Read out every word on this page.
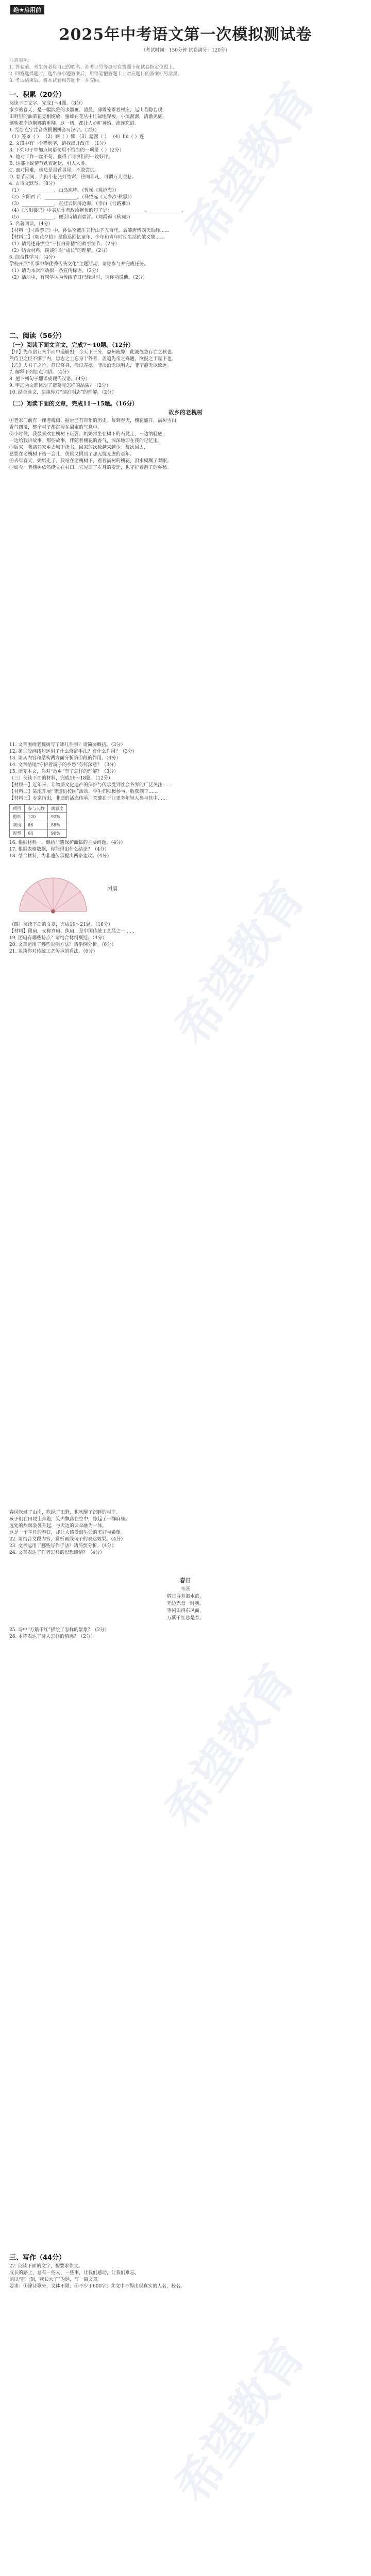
绝★启用前
2025年中考语文第一次模拟测试卷
（考试时间：150分钟 试卷满分：120分）
希望教育
注意事项：
1. 答卷前，考生务必将自己的姓名、准考证号等填写在答题卡和试卷指定位置上。
2. 回答选择题时，选出每小题答案后，用铅笔把答题卡上对应题目的答案标号涂黑。
3. 考试结束后，将本试卷和答题卡一并交回。
一、积累（20分）
阅读下面文字，完成1～4题。（8分）
家乡的春天，是一幅淡雅的水墨画。清晨，薄雾笼罩着村庄，远山若隐若现，
田野里的油菜花竞相绽放，蜜蜂在花丛中忙碌地穿梭。小溪潺潺，清澈见底，
倒映着岸边婀娜的垂柳。这一切，都让人心旷神怡，流连忘返。
1. 给加点字注音或根据拼音写汉字。（2分）
（1）笼罩（ ） （2）婀（ ）娜 （3）潺潺（ ） （4）liú（ ）连
2. 文段中有一个错别字，请找出并改正。（1分）
3. 下列句子中加点词语使用不恰当的一项是（ ）（2分）
A. 他对工作一丝不苟，赢得了同事们的一致好评。
B. 这部小说情节跌宕起伏，引人入胜。
C. 面对困难，他总是畏首畏尾，不敢尝试。
D. 春节期间，大街小巷张灯结彩，热闹非凡，可谓万人空巷。
4. 古诗文默写。（8分）
（1）______________，山岛竦峙。（曹操《观沧海》）
（2）夕阳西下，______________。（马致远《天净沙·秋思》）
（3）______________，直挂云帆济沧海。（李白《行路难》）
（4）《岳阳楼记》中表达作者政治抱负的句子是：______________，______________。
（5）______________，便引诗情到碧霄。（刘禹锡《秋词》）
5. 名著阅读。（4分）
【材料一】《西游记》中，孙悟空被压五行山下五百年，后随唐僧西天取经……
【材料二】《朝花夕拾》是鲁迅回忆童年、少年和青年时期生活的散文集……
（1）请简述孙悟空“三打白骨精”的故事情节。（2分）
（2）结合材料，谈谈你对“成长”的理解。（2分）
6. 综合性学习。（4分）
学校开展“传承中华优秀传统文化”主题活动，请你参与并完成任务。
（1）请为本次活动拟一条宣传标语。（2分）
（2）活动中，有同学认为传统节日已经过时，请你劝说他。（2分）
二、阅读（56分）
（一）阅读下面文言文，完成7～10题。（12分）
【甲】先帝创业未半而中道崩殂，今天下三分，益州疲弊，此诚危急存亡之秋也。
然侍卫之臣不懈于内，忠志之士忘身于外者，盖追先帝之殊遇，欲报之于陛下也。
【乙】夫君子之行，静以修身，俭以养德。非淡泊无以明志，非宁静无以致远。
7. 解释下列加点词语。（4分）
8. 把下列句子翻译成现代汉语。（4分）
9. 甲乙两文都体现了诸葛亮怎样的品质？（2分）
10. 结合选文，谈谈你对“淡泊明志”的理解。（2分）
（二）阅读下面的文章，完成11～15题。（16分）
故乡的老槐树
①老家门前有一棵老槐树，据说已有百年的历史。每到春天，槐花盛开，满树雪白，
香气四溢，整个村子都沉浸在甜蜜的气息中。
②小时候，我最喜欢在槐树下玩耍。奶奶常坐在树下的石凳上，一边纳鞋底，
一边给我讲故事。那些故事，伴随着槐花的香气，深深地印在我的记忆里。
③后来，我离开家乡去城里读书，回家的次数越来越少。每次回去，
总要在老槐树下站一会儿，仿佛又回到了那无忧无虑的童年。
④去年春天，奶奶走了。我站在老槐树下，看着满树的槐花，泪水模糊了双眼。
⑤如今，老槐树依然挺立在村口，它见证了岁月的变迁，也守护着游子的乡愁。
希望教育
11. 文章围绕老槐树写了哪几件事？请简要概括。（3分）
12. 第①段画线句运用了什么修辞手法？有什么作用？（3分）
13. 请从内容和结构两方面分析第④段的作用。（4分）
14. 文章结尾“守护着游子的乡愁”有何深意？（3分）
15. 读完本文，你对“故乡”有了怎样的理解？（3分）
（三）阅读下面的材料，完成16～18题。（12分）
【材料一】近年来，非物质文化遗产的保护与传承受到社会各界的广泛关注……
【材料二】某地开展“非遗进校园”活动，学生们积极参与，收获颇丰……
【材料三】专家指出，非遗的活态传承，关键在于让更多年轻人参与其中……
项目	参与人数	满意度
剪纸	120	92%
刺绣	86	88%
泥塑	64	90%
16. 根据材料一，概括非遗保护面临的主要问题。（4分）
17. 根据表格数据，你能得出什么结论？（4分）
18. 结合材料，为非遗传承提出两条建议。（4分）
团扇
（四）阅读下面的文章，完成19～21题。（16分）
【材料】团扇，又称宫扇、纨扇，是中国传统工艺品之一……
19. 团扇有哪些特点？请结合材料概括。（4分）
20. 文章运用了哪些说明方法？请举例分析。（6分）
21. 谈谈你对传统工艺传承的看法。（6分）
希望教育
春风吹过了山岗，吹绿了田野，也吹醒了沉睡的村庄。
孩子们在田埂上奔跑，笑声飘荡在空中，惊起了一群麻雀。
远处的炊烟袅袅升起，与天边的云朵融为一体。
这是一个平凡的春日，却让人感受到生命的美好与希望。
22. 请结合文段内容，赏析画线句子的表达效果。（4分）
23. 文章运用了哪些写作手法？请简要分析。（4分）
24. 文章表达了作者怎样的思想感情？（4分）
春日
朱熹
胜日寻芳泗水滨，
无边光景一时新。
等闲识得东风面，
万紫千红总是春。
25. 诗中“万紫千红”描绘了怎样的景象？（2分）
26. 本诗表达了诗人怎样的情感？（2分）
希望教育
三、写作（44分）
27. 阅读下面的文字，按要求作文。
成长的路上，总有一些人、一些事，让我们感动，让我们难忘。
请以“那一刻，我长大了”为题，写一篇文章。
要求：①除诗歌外，文体不限；②不少于600字；③文中不得出现真实的人名、校名。
